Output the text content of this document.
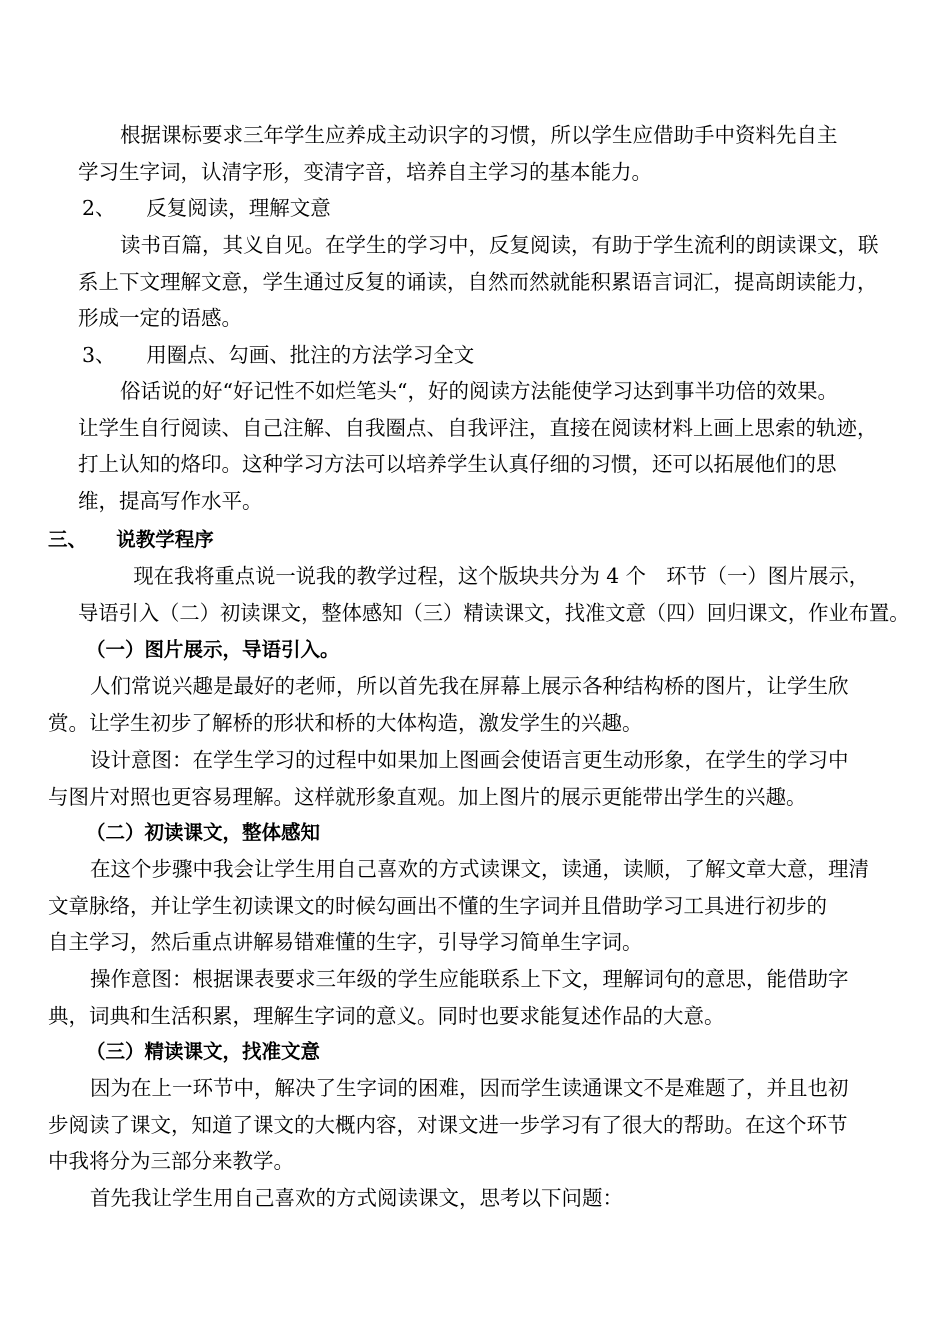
根据课标要求三年学生应养成主动识字的习惯，所以学生应借助手中资料先自主
学习生字词，认清字形，变清字音，培养自主学习的基本能力。
2、　　反复阅读，理解文意
读书百篇，其义自见。在学生的学习中，反复阅读，有助于学生流利的朗读课文，联
系上下文理解文意，学生通过反复的诵读，自然而然就能积累语言词汇，提高朗读能力，
形成一定的语感。
3、　　用圈点、勾画、批注的方法学习全文
俗话说的好“好记性不如烂笔头“，好的阅读方法能使学习达到事半功倍的效果。
让学生自行阅读、自己注解、自我圈点、自我评注，直接在阅读材料上画上思索的轨迹，
打上认知的烙印。这种学习方法可以培养学生认真仔细的习惯，还可以拓展他们的思
维，提高写作水平。
三、　　说教学程序
现在我将重点说一说我的教学过程，这个版块共分为 4 个　环节（一）图片展示，
导语引入（二）初读课文，整体感知（三）精读课文，找准文意（四）回归课文，作业布置。
（一）图片展示，导语引入。
人们常说兴趣是最好的老师，所以首先我在屏幕上展示各种结构桥的图片，让学生欣
赏。让学生初步了解桥的形状和桥的大体构造，激发学生的兴趣。
设计意图：在学生学习的过程中如果加上图画会使语言更生动形象，在学生的学习中
与图片对照也更容易理解。这样就形象直观。加上图片的展示更能带出学生的兴趣。
（二）初读课文，整体感知
在这个步骤中我会让学生用自己喜欢的方式读课文，读通，读顺，了解文章大意，理清
文章脉络，并让学生初读课文的时候勾画出不懂的生字词并且借助学习工具进行初步的
自主学习，然后重点讲解易错难懂的生字，引导学习简单生字词。
操作意图：根据课表要求三年级的学生应能联系上下文，理解词句的意思，能借助字
典，词典和生活积累，理解生字词的意义。同时也要求能复述作品的大意。
（三）精读课文，找准文意
因为在上一环节中，解决了生字词的困难，因而学生读通课文不是难题了，并且也初
步阅读了课文，知道了课文的大概内容，对课文进一步学习有了很大的帮助。在这个环节
中我将分为三部分来教学。
首先我让学生用自己喜欢的方式阅读课文，思考以下问题：
